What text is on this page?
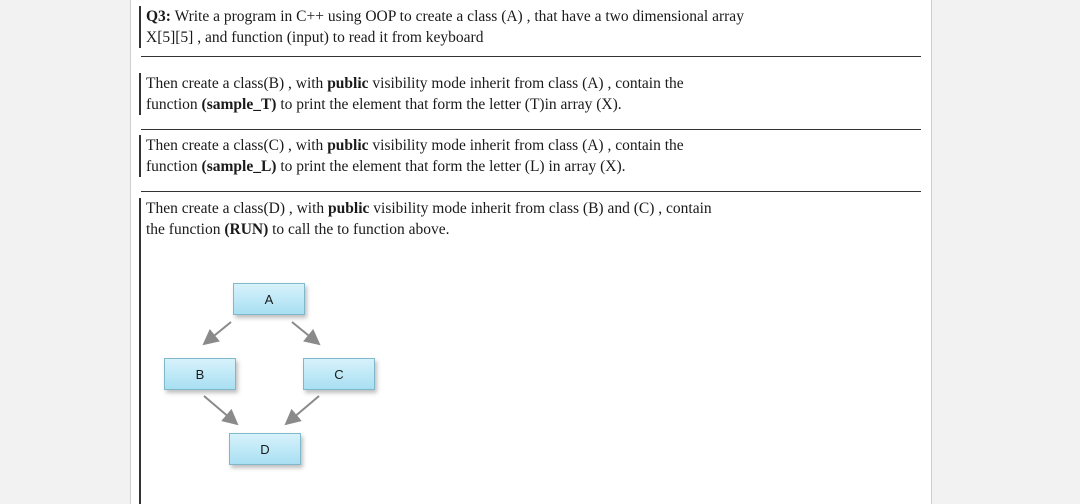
Q3: Write a program in C++ using OOP to create a class (A) , that have a two dimensional array

X[5][5] , and function (input) to read it from keyboard

Then create a class(B) , with public visibility mode inherit from class (A) , contain the

function (sample_T) to print the element that form the letter (T)in array (X).

Then create a class(C) , with public visibility mode inherit from class (A) , contain the

function (sample_L) to print the element that form the letter (L) in array (X).

Then create a class(D) , with public visibility mode inherit from class (B) and (C) , contain

the function (RUN) to call the to function above.

A
B	C
D
